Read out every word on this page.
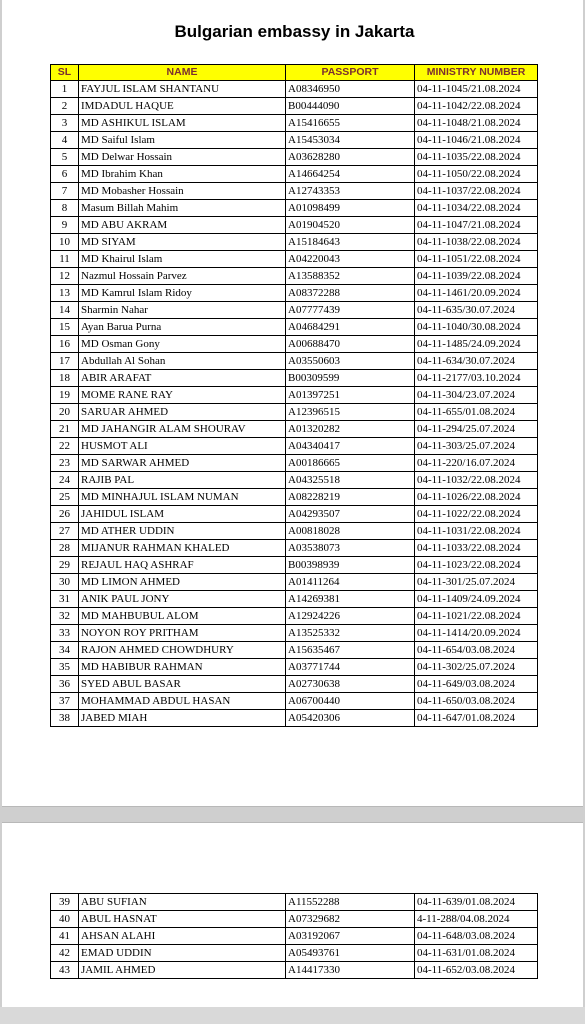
Bulgarian embassy in Jakarta
SL	NAME	PASSPORT	MINISTRY NUMBER
1	FAYJUL ISLAM SHANTANU	A08346950	04-11-1045/21.08.2024
2	IMDADUL HAQUE	B00444090	04-11-1042/22.08.2024
3	MD ASHIKUL ISLAM	A15416655	04-11-1048/21.08.2024
4	MD Saiful Islam	A15453034	04-11-1046/21.08.2024
5	MD Delwar Hossain	A03628280	04-11-1035/22.08.2024
6	MD Ibrahim Khan	A14664254	04-11-1050/22.08.2024
7	MD Mobasher Hossain	A12743353	04-11-1037/22.08.2024
8	Masum Billah Mahim	A01098499	04-11-1034/22.08.2024
9	MD ABU AKRAM	A01904520	04-11-1047/21.08.2024
10	MD SIYAM	A15184643	04-11-1038/22.08.2024
11	MD Khairul Islam	A04220043	04-11-1051/22.08.2024
12	Nazmul Hossain Parvez	A13588352	04-11-1039/22.08.2024
13	MD Kamrul Islam Ridoy	A08372288	04-11-1461/20.09.2024
14	Sharmin Nahar	A07777439	04-11-635/30.07.2024
15	Ayan Barua Purna	A04684291	04-11-1040/30.08.2024
16	MD Osman Gony	A00688470	04-11-1485/24.09.2024
17	Abdullah Al Sohan	A03550603	04-11-634/30.07.2024
18	ABIR ARAFAT	B00309599	04-11-2177/03.10.2024
19	MOME RANE RAY	A01397251	04-11-304/23.07.2024
20	SARUAR AHMED	A12396515	04-11-655/01.08.2024
21	MD JAHANGIR ALAM SHOURAV	A01320282	04-11-294/25.07.2024
22	HUSMOT ALI	A04340417	04-11-303/25.07.2024
23	MD SARWAR AHMED	A00186665	04-11-220/16.07.2024
24	RAJIB PAL	A04325518	04-11-1032/22.08.2024
25	MD MINHAJUL ISLAM NUMAN	A08228219	04-11-1026/22.08.2024
26	JAHIDUL ISLAM	A04293507	04-11-1022/22.08.2024
27	MD ATHER UDDIN	A00818028	04-11-1031/22.08.2024
28	MIJANUR RAHMAN KHALED	A03538073	04-11-1033/22.08.2024
29	REJAUL HAQ ASHRAF	B00398939	04-11-1023/22.08.2024
30	MD LIMON AHMED	A01411264	04-11-301/25.07.2024
31	ANIK PAUL JONY	A14269381	04-11-1409/24.09.2024
32	MD MAHBUBUL ALOM	A12924226	04-11-1021/22.08.2024
33	NOYON ROY PRITHAM	A13525332	04-11-1414/20.09.2024
34	RAJON AHMED CHOWDHURY	A15635467	04-11-654/03.08.2024
35	MD HABIBUR RAHMAN	A03771744	04-11-302/25.07.2024
36	SYED ABUL BASAR	A02730638	04-11-649/03.08.2024
37	MOHAMMAD ABDUL HASAN	A06700440	04-11-650/03.08.2024
38	JABED MIAH	A05420306	04-11-647/01.08.2024
39	ABU SUFIAN	A11552288	04-11-639/01.08.2024
40	ABUL HASNAT	A07329682	4-11-288/04.08.2024
41	AHSAN ALAHI	A03192067	04-11-648/03.08.2024
42	EMAD UDDIN	A05493761	04-11-631/01.08.2024
43	JAMIL AHMED	A14417330	04-11-652/03.08.2024
